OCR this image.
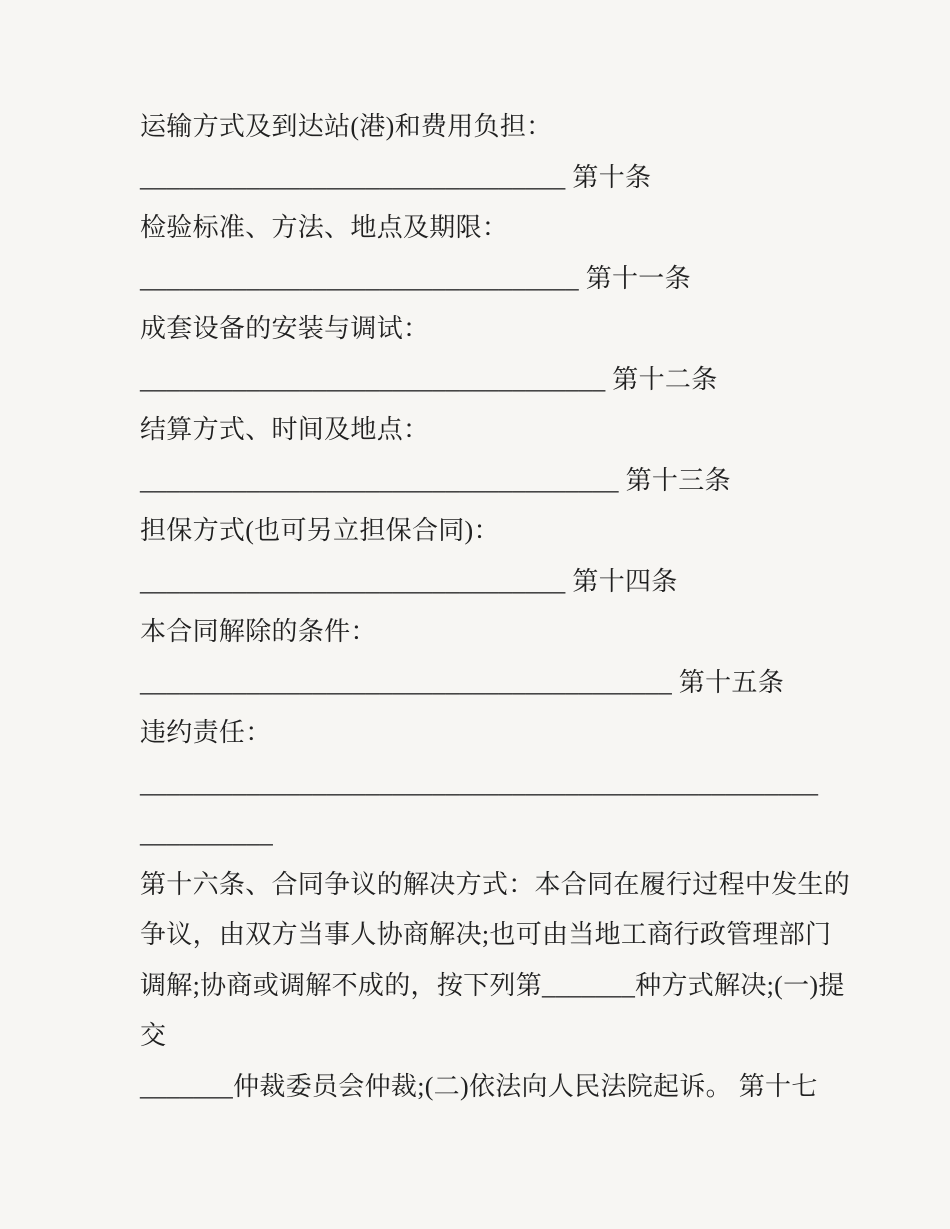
运输方式及到达站(港)和费用负担：
________________________________ 第十条
检验标准、方法、地点及期限：
_________________________________ 第十一条
成套设备的安装与调试：
___________________________________ 第十二条
结算方式、时间及地点：
____________________________________ 第十三条
担保方式(也可另立担保合同)：
________________________________ 第十四条
本合同解除的条件：
________________________________________ 第十五条
违约责任：
___________________________________________________
__________
第十六条、合同争议的解决方式：本合同在履行过程中发生的
争议，由双方当事人协商解决;也可由当地工商行政管理部门
调解;协商或调解不成的，按下列第_______种方式解决;(一)提
交
_______仲裁委员会仲裁;(二)依法向人民法院起诉。 第十七
